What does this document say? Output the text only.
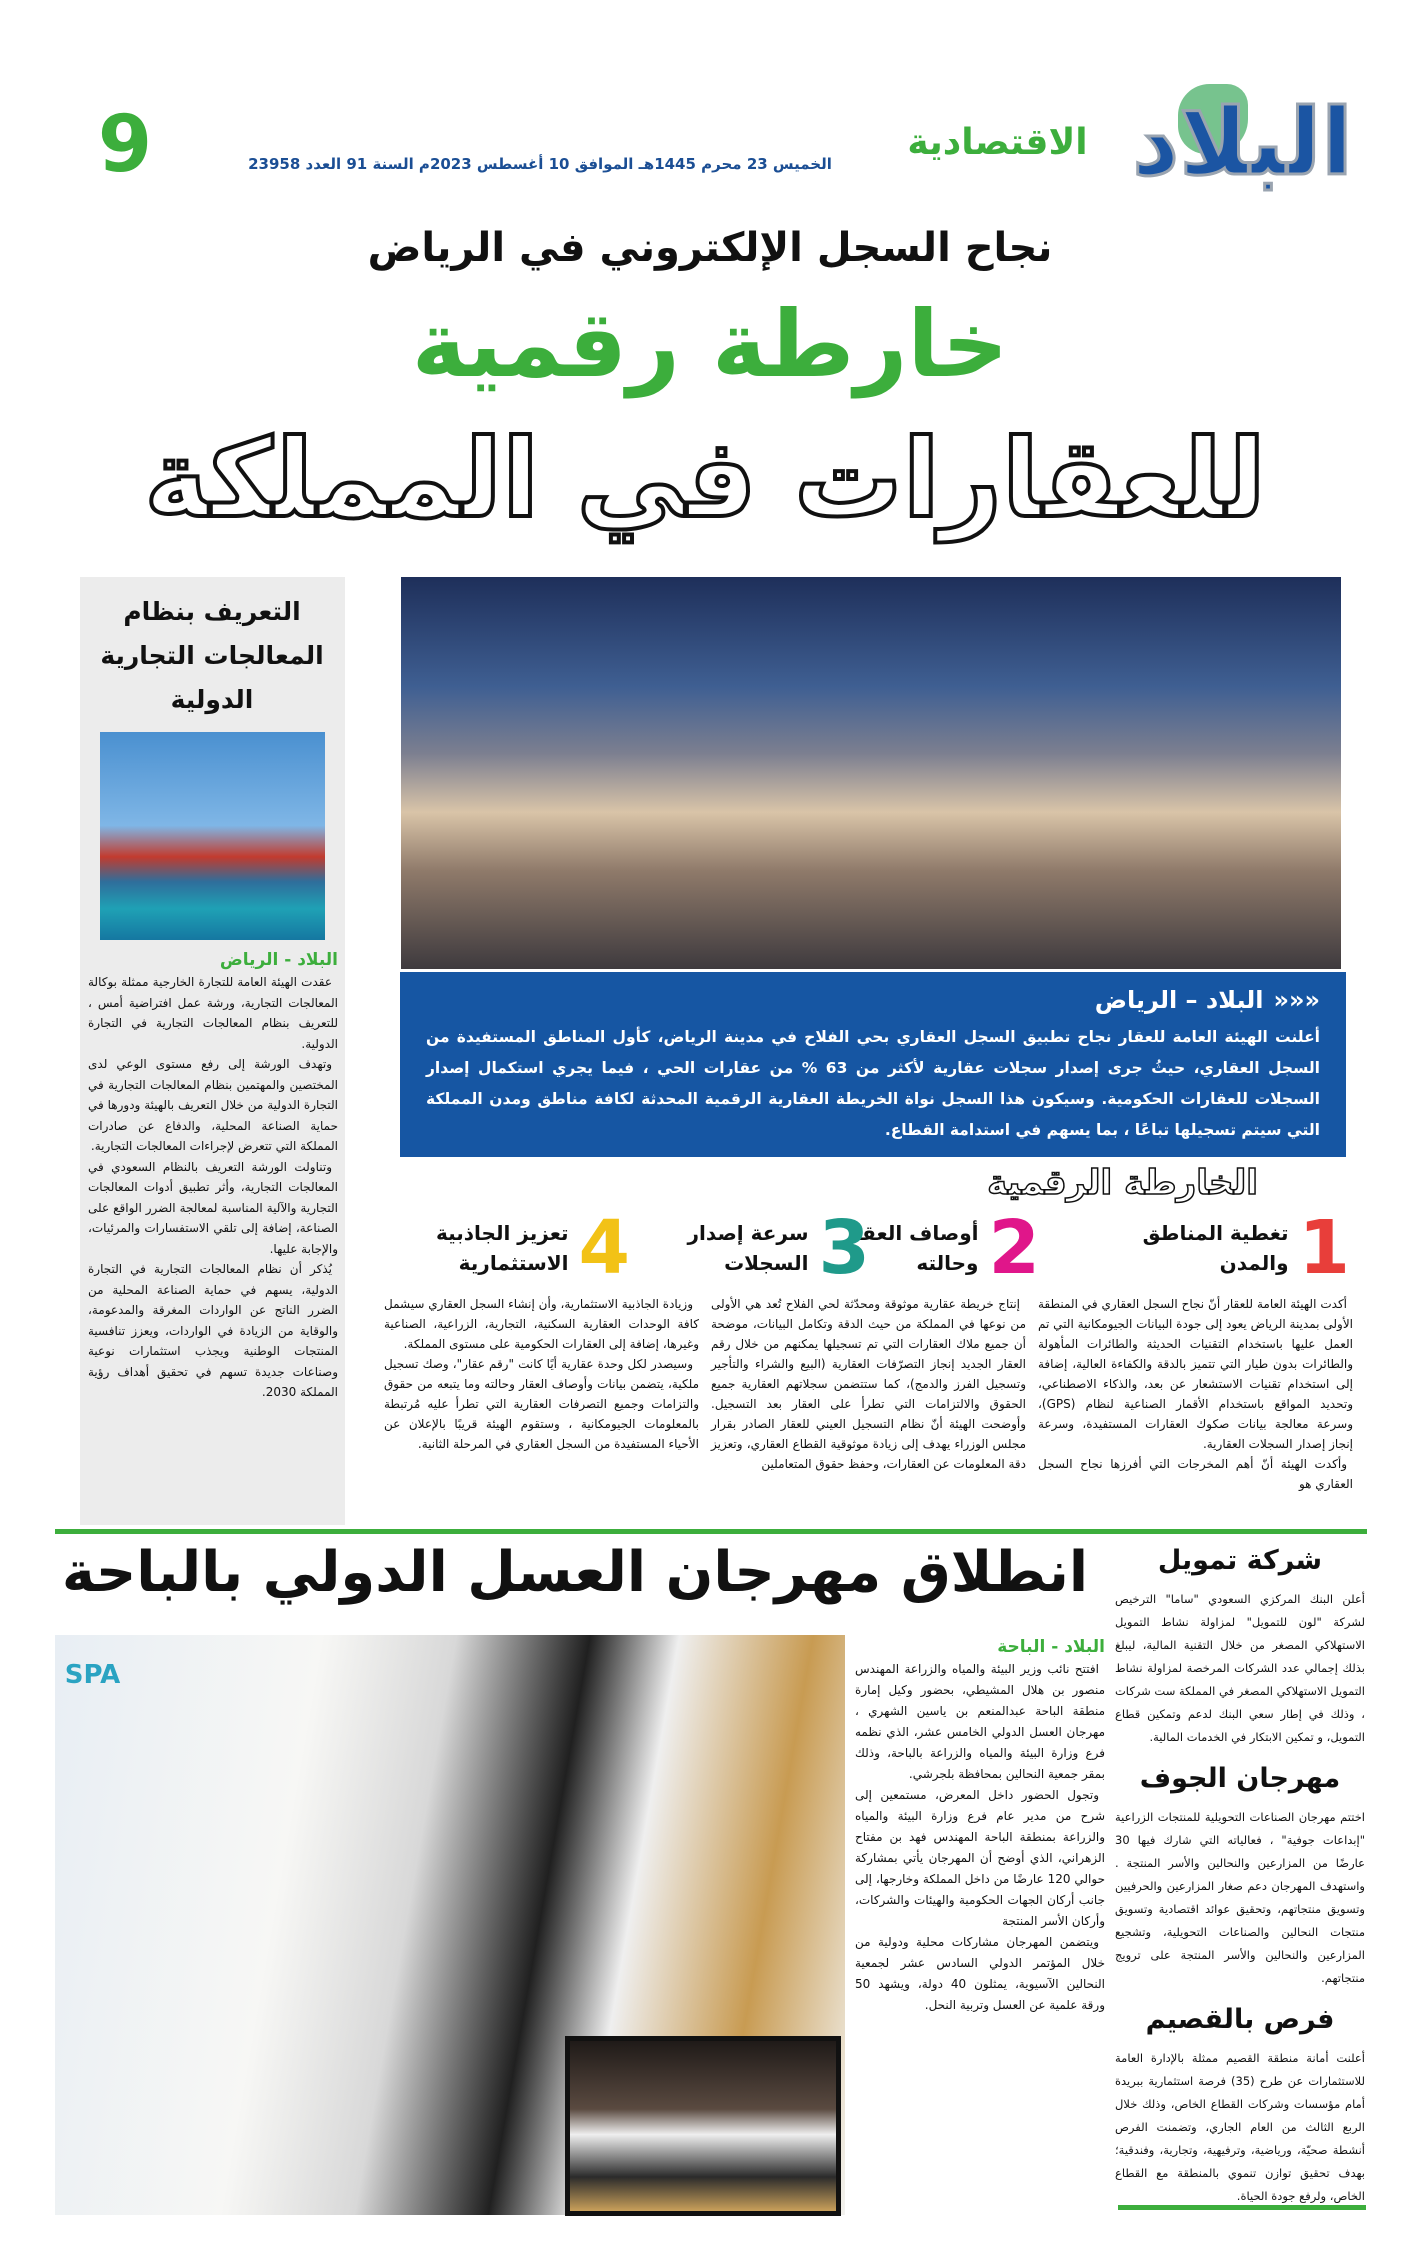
البلاد
الاقتصادية
الخميس 23 محرم 1445هـ الموافق 10 أغسطس 2023م السنة 91 العدد 23958
9
نجاح السجل الإلكتروني في الرياض
خارطة رقمية
للعقارات في المملكة
التعريف بنظام المعالجات التجارية الدولية
البلاد - الرياض

عقدت الهيئة العامة للتجارة الخارجية ممثلة بوكالة المعالجات التجارية، ورشة عمل افتراضية أمس ، للتعريف بنظام المعالجات التجارية في التجارة الدولية.

وتهدف الورشة إلى رفع مستوى الوعي لدى المختصين والمهتمين بنظام المعالجات التجارية في التجارة الدولية من خلال التعريف بالهيئة ودورها في حماية الصناعة المحلية، والدفاع عن صادرات المملكة التي تتعرض لإجراءات المعالجات التجارية.

وتناولت الورشة التعريف بالنظام السعودي في المعالجات التجارية، وأثر تطبيق أدوات المعالجات التجارية والآلية المناسبة لمعالجة الضرر الواقع على الصناعة، إضافة إلى تلقي الاستفسارات والمرئيات، والإجابة عليها.

يُذكر أن نظام المعالجات التجارية في التجارة الدولية، يسهم في حماية الصناعة المحلية من الضرر الناتج عن الواردات المغرقة والمدعومة، والوقاية من الزيادة في الواردات، ويعزز تنافسية المنتجات الوطنية ويجذب استثمارات نوعية وصناعات جديدة تسهم في تحقيق أهداف رؤية المملكة 2030.

«««
البلاد – الرياض
أعلنت الهيئة العامة للعقار نجاح تطبيق السجل العقاري بحي الفلاح في مدينة الرياض، كأول المناطق المستفيدة من السجل العقاري، حيثُ جرى إصدار سجلات عقارية لأكثر من 63 % من عقارات الحي ، فيما يجري استكمال إصدار السجلات للعقارات الحكومية. وسيكون هذا السجل نواة الخريطة العقارية الرقمية المحدثة لكافة مناطق ومدن المملكة التي سيتم تسجيلها تباعًا ، بما يسهم في استدامة القطاع.
الخارطة الرقمية
1
تغطية المناطق والمدن
2
أوصاف العقار وحالته
3
سرعة إصدار السجلات
4
تعزيز الجاذبية الاستثمارية

أكدت الهيئة العامة للعقار أنّ نجاح السجل العقاري في المنطقة الأولى بمدينة الرياض يعود إلى جودة البيانات الجيومكانية التي تم العمل عليها باستخدام التقنيات الحديثة والطائرات المأهولة والطائرات بدون طيار التي تتميز بالدقة والكفاءة العالية، إضافة إلى استخدام تقنيات الاستشعار عن بعد، والذكاء الاصطناعي، وتحديد المواقع باستخدام الأقمار الصناعية لنظام (GPS)، وسرعة معالجة بيانات صكوك العقارات المستفيدة، وسرعة إنجاز إصدار السجلات العقارية.

وأكدت الهيئة أنّ أهم المخرجات التي أفرزها نجاح السجل العقاري هو

إنتاج خريطة عقارية موثوقة ومحدّثة لحي الفلاح تُعد هي الأولى من نوعها في المملكة من حيث الدقة وتكامل البيانات، موضحة أن جميع ملاك العقارات التي تم تسجيلها يمكنهم من خلال رقم العقار الجديد إنجاز التصرّفات العقارية (البيع والشراء والتأجير وتسجيل الفرز والدمج)، كما ستتضمن سجلاتهم العقارية جميع الحقوق والالتزامات التي تطرأ على العقار بعد التسجيل. وأوضحت الهيئة أنّ نظام التسجيل العيني للعقار الصادر بقرار مجلس الوزراء يهدف إلى زيادة موثوقية القطاع العقاري، وتعزيز دقة المعلومات عن العقارات، وحفظ حقوق المتعاملين

وزيادة الجاذبية الاستثمارية، وأن إنشاء السجل العقاري سيشمل كافة الوحدات العقارية السكنية، التجارية، الزراعية، الصناعية وغيرها، إضافة إلى العقارات الحكومية على مستوى المملكة.

وسيصدر لكل وحدة عقارية أيًا كانت "رقم عقار"، وصك تسجيل ملكية، يتضمن بيانات وأوصاف العقار وحالته وما يتبعه من حقوق والتزامات وجميع التصرفات العقارية التي تطرأ عليه مُرتبطة بالمعلومات الجيومكانية ، وستقوم الهيئة قريبًا بالإعلان عن الأحياء المستفيدة من السجل العقاري في المرحلة الثانية.

انطلاق مهرجان العسل الدولي بالباحة
SPA
البلاد - الباحة

افتتح نائب وزير البيئة والمياه والزراعة المهندس منصور بن هلال المشيطي، بحضور وكيل إمارة منطقة الباحة عبدالمنعم بن ياسين الشهري ، مهرجان العسل الدولي الخامس عشر، الذي نظمه فرع وزارة البيئة والمياه والزراعة بالباحة، وذلك بمقر جمعية النحالين بمحافظة بلجرشي.

وتجول الحضور داخل المعرض، مستمعين إلى شرح من مدير عام فرع وزارة البيئة والمياه والزراعة بمنطقة الباحة المهندس فهد بن مفتاح الزهراني، الذي أوضح أن المهرجان يأتي بمشاركة حوالي 120 عارضًا من داخل المملكة وخارجها، إلى جانب أركان الجهات الحكومية والهيئات والشركات، وأركان الأسر المنتجة

ويتضمن المهرجان مشاركات محلية ودولية من خلال المؤتمر الدولي السادس عشر لجمعية النحالين الآسيوية، يمثلون 40 دولة، ويشهد 50 ورقة علمية عن العسل وتربية النحل.

شركة تمويل
أعلن البنك المركزي السعودي "ساما" الترخيص لشركة "لون للتمويل" لمزاولة نشاط التمويل الاستهلاكي المصغر من خلال التقنية المالية، ليبلغ بذلك إجمالي عدد الشركات المرخصة لمزاولة نشاط التمويل الاستهلاكي المصغر في المملكة ست شركات ، وذلك في إطار سعي البنك لدعم وتمكين قطاع التمويل، و تمكين الابتكار في الخدمات المالية.
مهرجان الجوف
اختتم مهرجان الصناعات التحويلية للمنتجات الزراعية "إبداعات جوفية" ، فعالياته التي شارك فيها 30 عارضًا من المزارعين والنحالين والأسر المنتجة . واستهدف المهرجان دعم صغار المزارعين والحرفيين وتسويق منتجاتهم، وتحقيق عوائد اقتصادية وتسويق منتجات النحالين والصناعات التحويلية، وتشجيع المزارعين والنحالين والأسر المنتجة على ترويج منتجاتهم.
فرص بالقصيم
أعلنت أمانة منطقة القصيم ممثلة بالإدارة العامة للاستثمارات عن طرح (35) فرصة استثمارية ببريدة أمام مؤسسات وشركات القطاع الخاص، وذلك خلال الربع الثالث من العام الجاري، وتضمنت الفرص أنشطة صحيّة، ورياضية، وترفيهية، وتجارية، وفندقية؛ بهدف تحقيق توازن تنموي بالمنطقة مع القطاع الخاص، ولرفع جودة الحياة.
